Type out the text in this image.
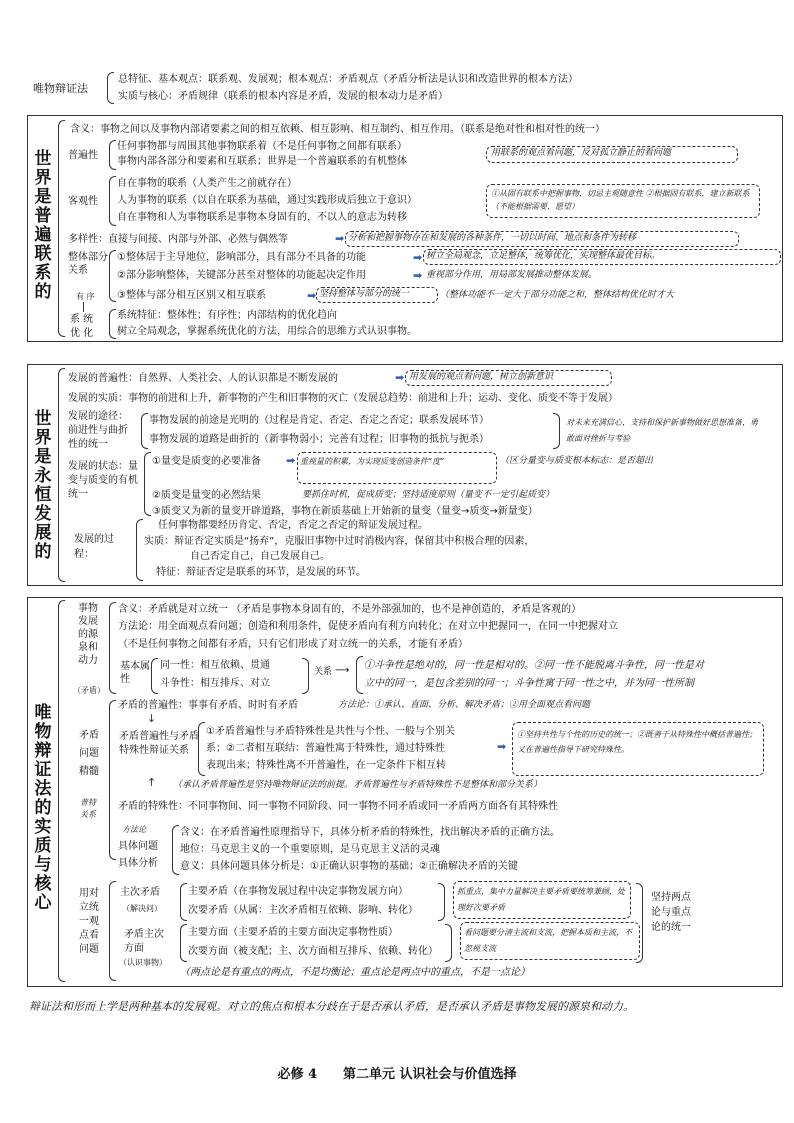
唯物辩证法
总特征、基本观点：联系观、发展观；根本观点：矛盾观点（矛盾分析法是认识和改造世界的根本方法）
实质与核心：矛盾规律（联系的根本内容是矛盾，发展的根本动力是矛盾）
世界是普遍联系的
含义：事物之间以及事物内部诸要素之间的相互依赖、相互影响、相互制约、相互作用。（联系是绝对性和相对性的统一）
普遍性
任何事物都与周围其他事物联系着（不是任何事物之间都有联系）
事物内部各部分和要素和互联系；世界是一个普遍联系的有机整体
用联系的观点看问题，反对孤立静止的看问题
客观性
自在事物的联系（人类产生之前就存在）
人为事物的联系（以自在联系为基础，通过实践形成后独立于意识）
自在事物和人为事物联系是事物本身固有的，不以人的意志为转移
①从固有联系中把握事物，切忌主观随意性 ②根据固有联系，建立新联系（不能根据需要、愿望）
多样性：直接与间接、内部与外部、必然与偶然等	➡ 分析和把握事物存在和发展的各种条件，一切以时间、地点和条件为转移
整体部分关系
①整体居于主导地位，影响部分，具有部分不具备的功能	➡ 树立全局观念，立足整体，统筹优化，实现整体最优目标。
②部分影响整体，关键部分甚至对整体的功能起决定作用	➡ 重视部分作用，用局部发展推动整体发展。
③整体与部分相互区别又相互联系	➡ 坚持整体与部分的统一	（整体功能不一定大于部分功能之和，整体结构优化时才大
有 序
系 统 优 化
系统特征：整体性；有序性；内部结构的优化趋向
树立全局观念，掌握系统优化的方法，用综合的思维方式认识事物。
世界是永恒发展的
发展的普遍性：自然界、人类社会、人的认识都是不断发展的	➡ 用发展的观点看问题，树立创新意识
发展的实质：事物的前进和上升，新事物的产生和旧事物的灭亡（发展总趋势：前进和上升；运动、变化、质变不等于发展）
发展的途径：前进性与曲折性的统一
事物发展的前途是光明的（过程是肯定、否定、否定之否定；联系发展环节）
事物发展的道路是曲折的（新事物弱小；完善有过程；旧事物的抵抗与扼杀）
对未来充满信心，支持和保护新事物做好思想准备，勇敢面对挫折与考验
发展的状态：量变与质变的有机统一
①量变是质变的必要准备 ➡ 重视量的积累，为实现质变创造条件“度”	（区分量变与质变根本标志：是否超出
②质变是量变的必然结果	要抓住时机，促成质变；坚持适度原则（量变不一定引起质变）
③质变又为新的量变开辟道路，事物在新质基础上开始新的量变（量变→质变→新量变）
发展的过程：
任何事物都要经历肯定、否定，否定之否定的辩证发展过程。
实质：辩证否定实质是“扬弃”，克服旧事物中过时消极内容，保留其中积极合理的因素，
自己否定自己，自己发展自己。
特征：辩证否定是联系的环节，是发展的环节。
唯物辩证法的实质与核心
事物发展的源泉和动力
（矛盾）
含义：矛盾就是对立统一 （矛盾是事物本身固有的，不是外部强加的，也不是神创造的，矛盾是客观的）
方法论：用全面观点看问题；创造和利用条件，促使矛盾向有利方向转化；在对立中把握同一，在同一中把握对立
（不是任何事物之间都有矛盾，只有它们形成了对立统一的关系，才能有矛盾）
基本属性
同一性：相互依赖、贯通
斗争性：相互排斥、对立
关系 ⟶ ①斗争性是绝对的，同一性是相对的。②同一性不能脱离斗争性，同一性是对
立中的同一，是包含差别的同一；斗争性寓于同一性之中，并为同一性所制
矛盾问题精髓
普特关系
矛盾的普遍性：事事有矛盾、时时有矛盾	方法论：①承认、直面、分析、解决矛盾；②用全面观点看问题
↓
矛盾普遍性与矛盾特殊性辩证关系
①矛盾普遍性与矛盾特殊性是共性与个性、一般与个别关
系；②二者相互联结：普遍性寓于特殊性，通过特殊性
表现出来；特殊性离不开普遍性，在一定条件下相互转
➡
①坚持共性与个性的历史的统一；②既善于从特殊性中概括普遍性；又在普遍性指导下研究特殊性。
（承认矛盾普遍性是坚持唯物辩证法的前提。矛盾普遍性与矛盾特殊性不是整体和部分关系）
↑
矛盾的特殊性：不同事物间、同一事物不同阶段、同一事物不同矛盾或同一矛盾两方面各有其特殊性
方法论
具体问题
具体分析
含义：在矛盾普遍性原理指导下，具体分析矛盾的特殊性，找出解决矛盾的正确方法。
地位：马克思主义的一个重要原则，是马克思主义活的灵魂
意义：具体问题具体分析是：①正确认识事物的基础；②正确解决矛盾的关键
用对立统一观点看问题
主次矛盾
（解决问）
主要矛盾（在事物发展过程中决定事物发展方向）
次要矛盾（从属：主次矛盾相互依赖、影响、转化）
抓重点，集中力量解决主要矛盾要统筹兼顾，处理好次要矛盾
矛盾主次方面
（认识事物）
主要方面（主要矛盾的主要方面决定事物性质）
次要方面（被支配；主、次方面相互排斥、依赖、转化）
看问题要分清主流和支流，把握本质和主流，不忽视支流
坚持两点论与重点论的统一
（两点论是有重点的两点，不是均衡论；重点论是两点中的重点，不是一点论）
辩证法和形而上学是两种基本的发展观。对立的焦点和根本分歧在于是否承认矛盾，是否承认矛盾是事物发展的源泉和动力。
必修 4　　第二单元 认识社会与价值选择
